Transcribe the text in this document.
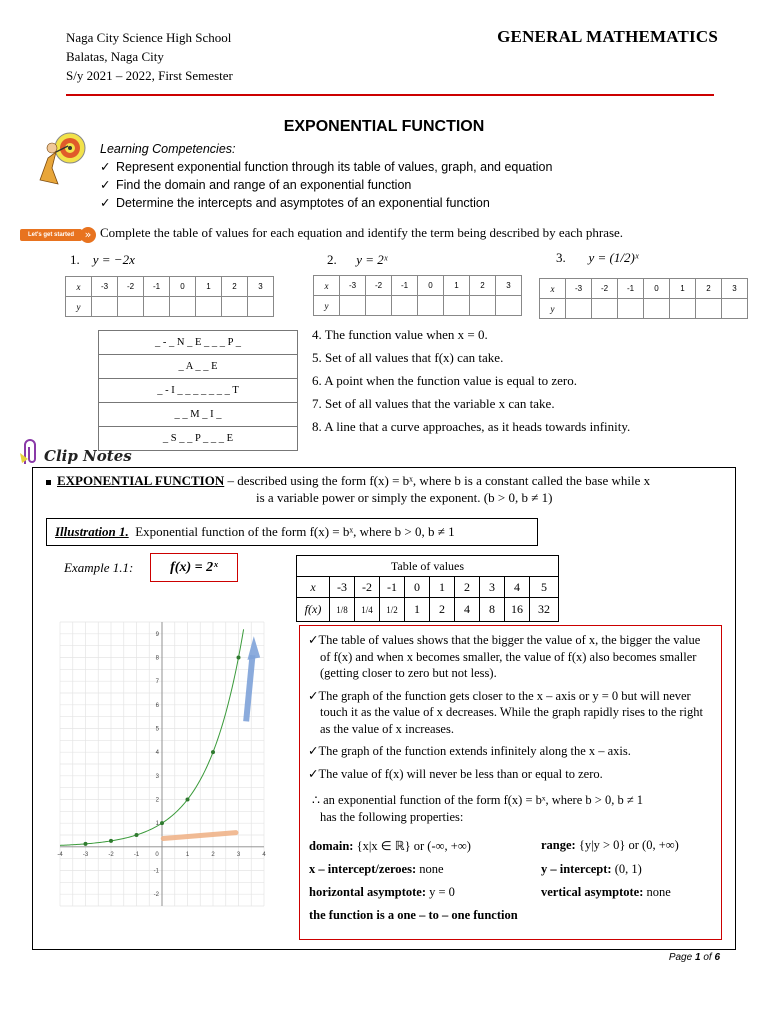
Naga City Science High School
Balatas, Naga City
S/y 2021 – 2022, First Semester
GENERAL MATHEMATICS
EXPONENTIAL FUNCTION
Learning Competencies:
✓ Represent exponential function through its table of values, graph, and equation
✓ Find the domain and range of an exponential function
✓ Determine the intercepts and asymptotes of an exponential function
Let's get started » Complete the table of values for each equation and identify the term being described by each phrase.
1. y = −2x	2. y = 2ˣ	3. y = (1/2)ˣ
x	-3	-2	-1	0	1	2	3
y							
x	-3	-2	-1	0	1	2	3
y							
x	-3	-2	-1	0	1	2	3
y							
_ - _ N _ E _ _ _ P _
_ A _ _ E
_ - I _ _ _ _ _ _ _ T
_ _ M _ I _
_ S _ _ P _ _ _ E
4. The function value when x = 0.
5. Set of all values that f(x) can take.
6. A point when the function value is equal to zero.
7. Set of all values that the variable x can take.
8. A line that a curve approaches, as it heads towards infinity.
Clip Notes
EXPONENTIAL FUNCTION – described using the form f(x) = bˣ, where b is a constant called the base while x
is a variable power or simply the exponent. (b > 0, b ≠ 1)
Illustration 1. Exponential function of the form f(x) = bˣ, where b > 0, b ≠ 1
Example 1.1:	f(x) = 2ˣ	Table of values									
x	-3	-2	-1	0	1	2	3	4	5
f(x)	1/8	1/4	1/2	1	2	4	8	16	32
-4	-3	-2	-1	0	1	2	3	4
-2
-1
1
2
3
4
5
6
7
8
9	✓The table of values shows that the bigger the value of x, the bigger the value of f(x) and when x becomes smaller, the value of f(x) also becomes smaller (getting closer to zero but not less).

✓The graph of the function gets closer to the x – axis or y = 0 but will never touch it as the value of x decreases. While the graph rapidly rises to the right as the value of x increases.

✓The graph of the function extends infinitely along the x – axis.

✓The value of f(x) will never be less than or equal to zero.

∴ an exponential function of the form f(x) = bˣ, where b > 0, b ≠ 1
has the following properties:
domain: {x|x ∈ ℝ} or (-∞, +∞)	range: {y|y > 0} or (0, +∞)
x – intercept/zeroes: none	y – intercept: (0, 1)
horizontal asymptote: y = 0	vertical asymptote: none
the function is a one – to – one function
Page 1 of 6
